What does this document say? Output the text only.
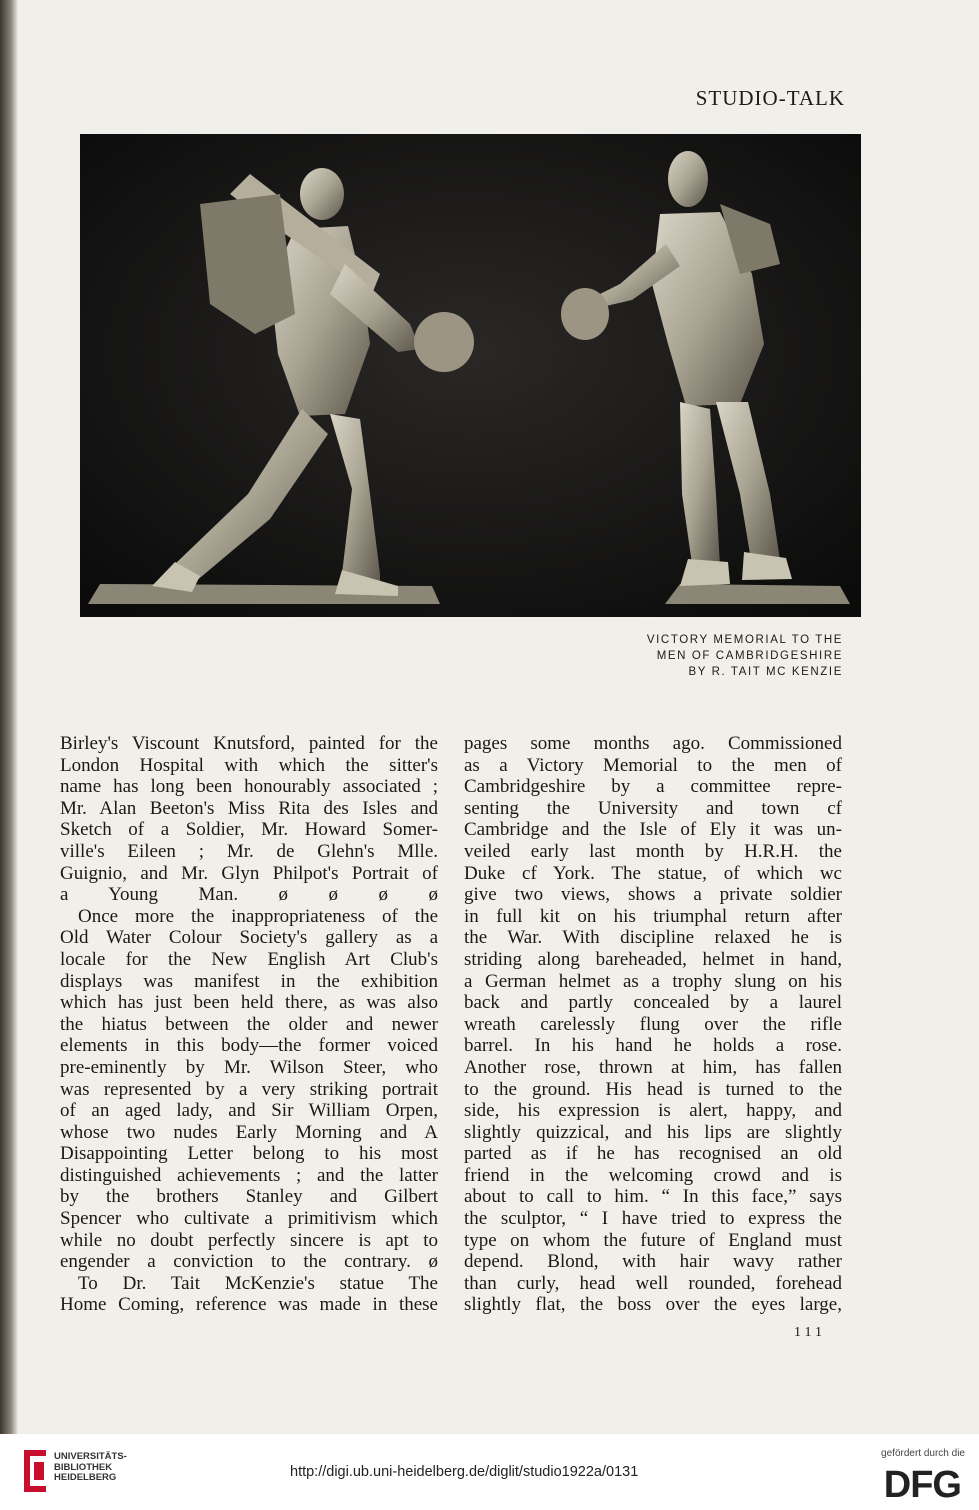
STUDIO-TALK
VICTORY MEMORIAL TO THE
MEN OF CAMBRIDGESHIRE
BY R. TAIT MC KENZIE
Birley's Viscount Knutsford, painted for the
London Hospital with which the sitter's
name has long been honourably associated ;
Mr. Alan Beeton's Miss Rita des Isles and
Sketch of a Soldier, Mr. Howard Somer-
ville's Eileen ; Mr. de Glehn's Mlle.
Guignio, and Mr. Glyn Philpot's Portrait of
a Young Man. ø ø ø ø
Once more the inappropriateness of the
Old Water Colour Society's gallery as a
locale for the New English Art Club's
displays was manifest in the exhibition
which has just been held there, as was also
the hiatus between the older and newer
elements in this body—the former voiced
pre-eminently by Mr. Wilson Steer, who
was represented by a very striking portrait
of an aged lady, and Sir William Orpen,
whose two nudes Early Morning and A
Disappointing Letter belong to his most
distinguished achievements ; and the latter
by the brothers Stanley and Gilbert
Spencer who cultivate a primitivism which
while no doubt perfectly sincere is apt to
engender a conviction to the contrary. ø
To Dr. Tait McKenzie's statue The
Home Coming, reference was made in these
pages some months ago. Commissioned
as a Victory Memorial to the men of
Cambridgeshire by a committee repre-
senting the University and town cf
Cambridge and the Isle of Ely it was un-
veiled early last month by H.R.H. the
Duke cf York. The statue, of which wc
give two views, shows a private soldier
in full kit on his triumphal return after
the War. With discipline relaxed he is
striding along bareheaded, helmet in hand,
a German helmet as a trophy slung on his
back and partly concealed by a laurel
wreath carelessly flung over the rifle
barrel. In his hand he holds a rose.
Another rose, thrown at him, has fallen
to the ground. His head is turned to the
side, his expression is alert, happy, and
slightly quizzical, and his lips are slightly
parted as if he has recognised an old
friend in the welcoming crowd and is
about to call to him. “ In this face,” says
the sculptor, “ I have tried to express the
type on whom the future of England must
depend. Blond, with hair wavy rather
than curly, head well rounded, forehead
slightly flat, the boss over the eyes large,
111
UNIVERSITÄTS-
BIBLIOTHEK
HEIDELBERG	http://digi.ub.uni-heidelberg.de/diglit/studio1922a/0131
gefördert durch die
DFG
